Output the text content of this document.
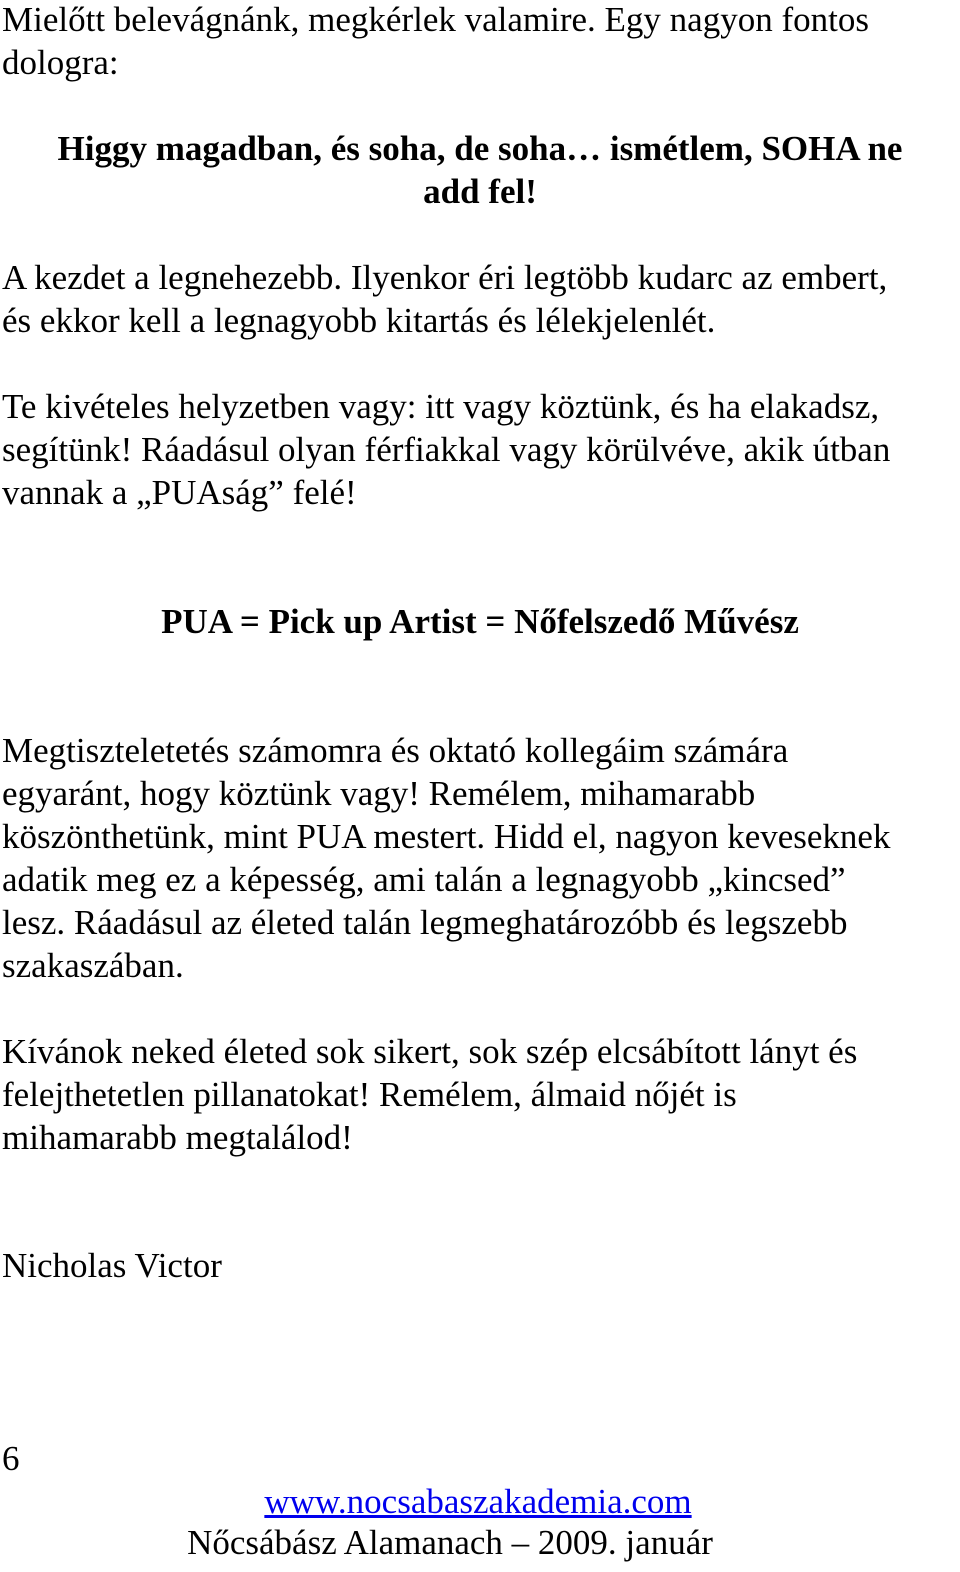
Mielőtt belevágnánk, megkérlek valamire. Egy nagyon fontos

dologra:

Higgy magadban, és soha, de soha… ismétlem, SOHA ne

add fel!

A kezdet a legnehezebb. Ilyenkor éri legtöbb kudarc az embert,

és ekkor kell a legnagyobb kitartás és lélekjelenlét.

Te kivételes helyzetben vagy: itt vagy köztünk, és ha elakadsz,

segítünk! Ráadásul olyan férfiakkal vagy körülvéve, akik útban

vannak a „PUAság” felé!

PUA = Pick up Artist = Nőfelszedő Művész

Megtiszteletetés számomra és oktató kollegáim számára

egyaránt, hogy köztünk vagy! Remélem, mihamarabb

köszönthetünk, mint PUA mestert. Hidd el, nagyon keveseknek

adatik meg ez a képesség, ami talán a legnagyobb „kincsed”

lesz. Ráadásul az életed talán legmeghatározóbb és legszebb

szakaszában.

Kívánok neked életed sok sikert, sok szép elcsábított lányt és

felejthetetlen pillanatokat! Remélem, álmaid nőjét is

mihamarabb megtalálod!

Nicholas Victor

6

www.nocsabaszakademia.com

Nőcsábász Alamanach – 2009. január
